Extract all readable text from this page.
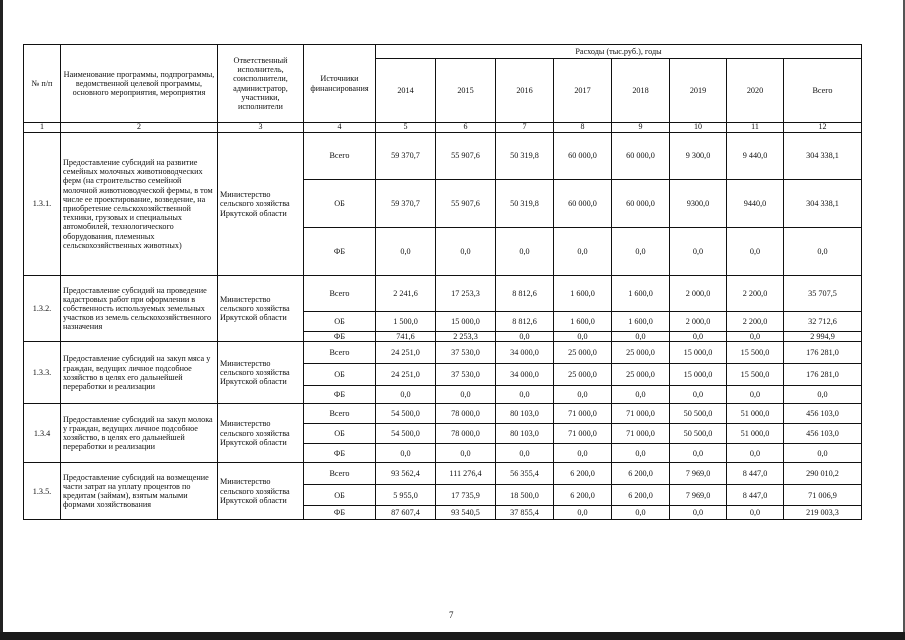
№ п/п	Наименование программы, подпрограммы, ведомственной целевой программы, основного мероприятия, мероприятия	Ответственный исполнитель, соисполнители, администратор, участники, исполнители	Источники финансирования	Расходы (тыс.руб.), годы							
				2014	2015	2016	2017	2018	2019	2020	Всего
1	2	3	4	5	6	7	8	9	10	11	12
1.3.1.	Предоставление субсидий на развитие семейных молочных животноводческих ферм (на строительство семейной молочной животноводческой фермы, в том числе ее проектирование, возведение, на приобретение сельскохозяйственной техники, грузовых и специальных автомобилей, технологического оборудования, племенных сельскохозяйственных животных)	Министерство сельского хозяйства Иркутской области	Всего	59 370,7	55 907,6	50 319,8	60 000,0	60 000,0	9 300,0	9 440,0	304 338,1
			ОБ	59 370,7	55 907,6	50 319,8	60 000,0	60 000,0	9300,0	9440,0	304 338,1
			ФБ	0,0	0,0	0,0	0,0	0,0	0,0	0,0	0,0
1.3.2.	Предоставление субсидий на проведение кадастровых работ при оформлении в собственность используемых земельных участков из земель сельскохозяйственного назначения	Министерство сельского хозяйства Иркутской области	Всего	2 241,6	17 253,3	8 812,6	1 600,0	1 600,0	2 000,0	2 200,0	35 707,5
			ОБ	1 500,0	15 000,0	8 812,6	1 600,0	1 600,0	2 000,0	2 200,0	32 712,6
			ФБ	741,6	2 253,3	0,0	0,0	0,0	0,0	0,0	2 994,9
1.3.3.	Предоставление субсидий на закуп мяса у граждан, ведущих личное подсобное хозяйство в целях его дальнейшей переработки и реализации	Министерство сельского хозяйства Иркутской области	Всего	24 251,0	37 530,0	34 000,0	25 000,0	25 000,0	15 000,0	15 500,0	176 281,0
			ОБ	24 251,0	37 530,0	34 000,0	25 000,0	25 000,0	15 000,0	15 500,0	176 281,0
			ФБ	0,0	0,0	0,0	0,0	0,0	0,0	0,0	0,0
1.3.4	Предоставление субсидий на закуп молока у граждан, ведущих личное подсобное хозяйство, в целях его дальнейшей переработки и реализации	Министерство сельского хозяйства Иркутской области	Всего	54 500,0	78 000,0	80 103,0	71 000,0	71 000,0	50 500,0	51 000,0	456 103,0
			ОБ	54 500,0	78 000,0	80 103,0	71 000,0	71 000,0	50 500,0	51 000,0	456 103,0
			ФБ	0,0	0,0	0,0	0,0	0,0	0,0	0,0	0,0
1.3.5.	Предоставление субсидий на возмещение части затрат на уплату процентов по кредитам (займам), взятым малыми формами хозяйствования	Министерство сельского хозяйства Иркутской области	Всего	93 562,4	111 276,4	56 355,4	6 200,0	6 200,0	7 969,0	8 447,0	290 010,2
			ОБ	5 955,0	17 735,9	18 500,0	6 200,0	6 200,0	7 969,0	8 447,0	71 006,9
			ФБ	87 607,4	93 540,5	37 855,4	0,0	0,0	0,0	0,0	219 003,3
7
